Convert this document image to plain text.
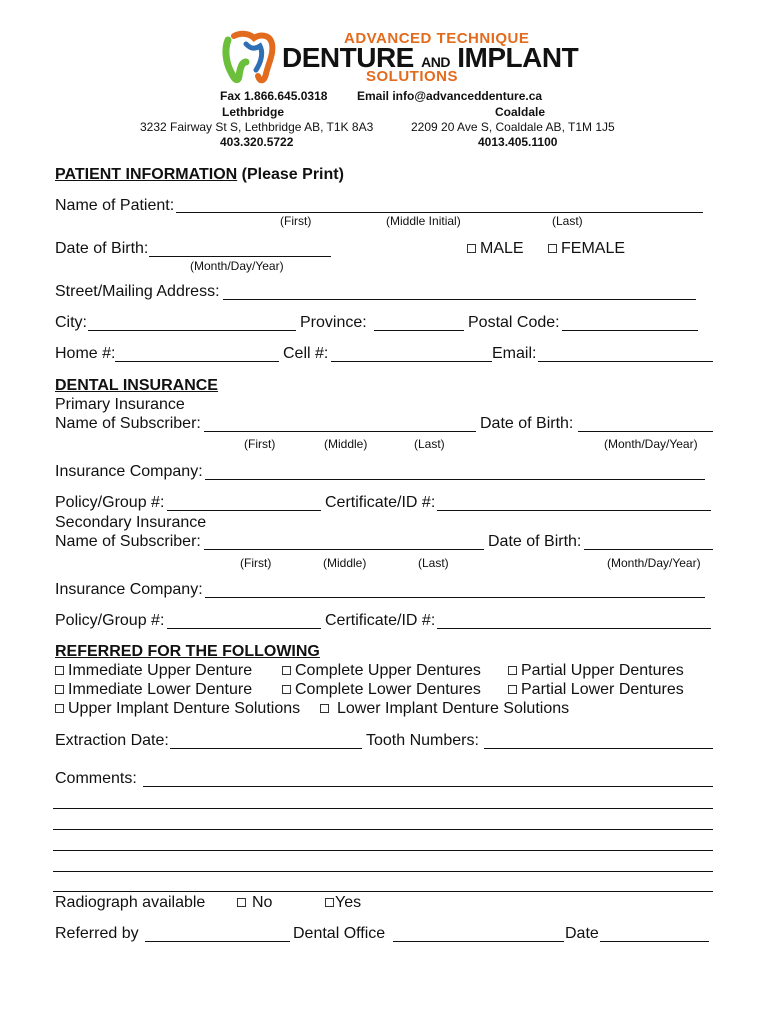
ADVANCED TECHNIQUE
DENTURE AND IMPLANT
SOLUTIONS
Fax 1.866.645.0318 Email info@advanceddenture.ca
Lethbridge
3232 Fairway St S, Lethbridge AB, T1K 8A3
403.320.5722
Coaldale
2209 20 Ave S, Coaldale AB, T1M 1J5
4013.405.1100
PATIENT INFORMATION (Please Print)
Name of Patient:
(First)	(Middle Initial)	(Last)
Date of Birth:
(Month/Day/Year)
MALE	FEMALE
Street/Mailing Address:
City:	Province:	Postal Code:
Home #:	Cell #:	Email:
DENTAL INSURANCE
Primary Insurance
Name of Subscriber:	Date of Birth:
(First)	(Middle)	(Last)	(Month/Day/Year)
Insurance Company:
Policy/Group #:	Certificate/ID #:
Secondary Insurance
Name of Subscriber:	Date of Birth:
(First)	(Middle)	(Last)	(Month/Day/Year)
Insurance Company:
Policy/Group #:	Certificate/ID #:
REFERRED FOR THE FOLLOWING
Immediate Upper Denture	Complete Upper Dentures	Partial Upper Dentures
Immediate Lower Denture	Complete Lower Dentures	Partial Lower Dentures
Upper Implant Denture Solutions	Lower Implant Denture Solutions
Extraction Date:	Tooth Numbers:
Comments:
Radiograph available	No	Yes
Referred by	Dental Office	Date
